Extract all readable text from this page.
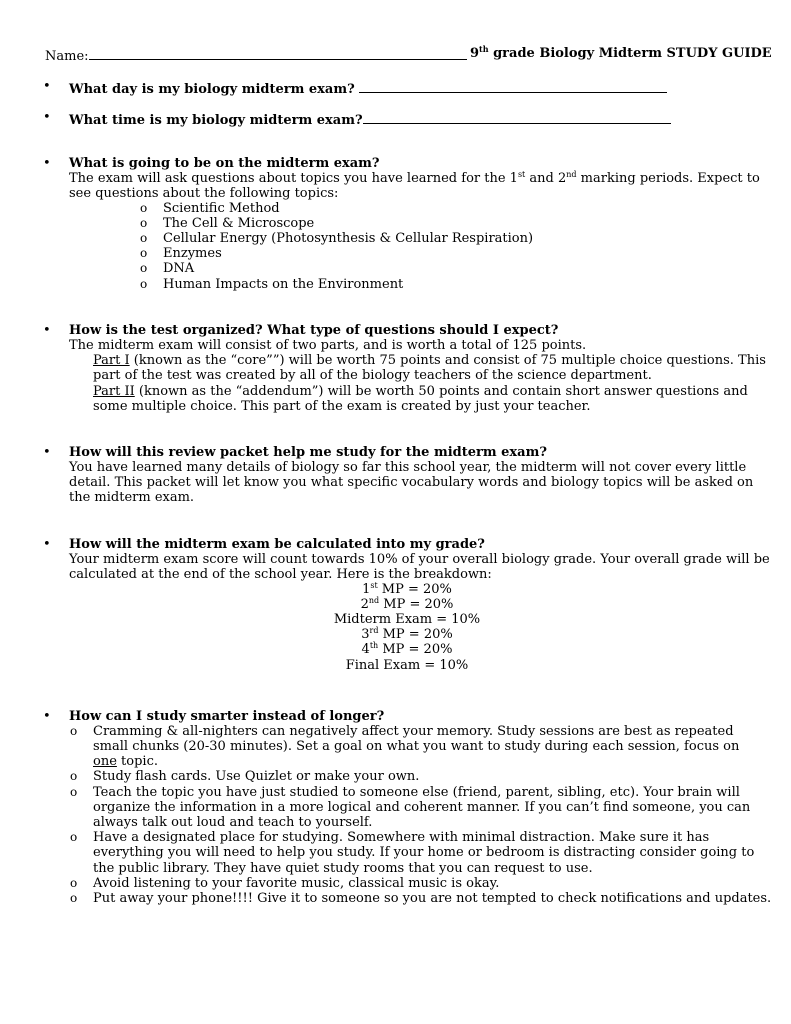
Name:	9th grade Biology Midterm STUDY GUIDE
• What day is my biology midterm exam?
• What time is my biology midterm exam?
• What is going to be on the midterm exam?
The exam will ask questions about topics you have learned for the 1st and 2nd marking periods. Expect to
see questions about the following topics:
o Scientific Method
o The Cell & Microscope
o Cellular Energy (Photosynthesis & Cellular Respiration)
o Enzymes
o DNA
o Human Impacts on the Environment
• How is the test organized? What type of questions should I expect?
The midterm exam will consist of two parts, and is worth a total of 125 points.
Part I (known as the “core””) will be worth 75 points and consist of 75 multiple choice questions. This
part of the test was created by all of the biology teachers of the science department.
Part II (known as the “addendum”) will be worth 50 points and contain short answer questions and
some multiple choice. This part of the exam is created by just your teacher.
• How will this review packet help me study for the midterm exam?
You have learned many details of biology so far this school year, the midterm will not cover every little
detail. This packet will let know you what specific vocabulary words and biology topics will be asked on
the midterm exam.
• How will the midterm exam be calculated into my grade?
Your midterm exam score will count towards 10% of your overall biology grade. Your overall grade will be
calculated at the end of the school year. Here is the breakdown:
1st MP = 20%
2nd MP = 20%
Midterm Exam = 10%
3rd MP = 20%
4th MP = 20%
Final Exam = 10%
• How can I study smarter instead of longer?
o Cramming & all-nighters can negatively affect your memory. Study sessions are best as repeated
small chunks (20-30 minutes). Set a goal on what you want to study during each session, focus on
one topic.
o Study flash cards. Use Quizlet or make your own.
o Teach the topic you have just studied to someone else (friend, parent, sibling, etc). Your brain will
organize the information in a more logical and coherent manner. If you can’t find someone, you can
always talk out loud and teach to yourself.
o Have a designated place for studying. Somewhere with minimal distraction. Make sure it has
everything you will need to help you study. If your home or bedroom is distracting consider going to
the public library. They have quiet study rooms that you can request to use.
o Avoid listening to your favorite music, classical music is okay.
o Put away your phone!!!! Give it to someone so you are not tempted to check notifications and updates.
